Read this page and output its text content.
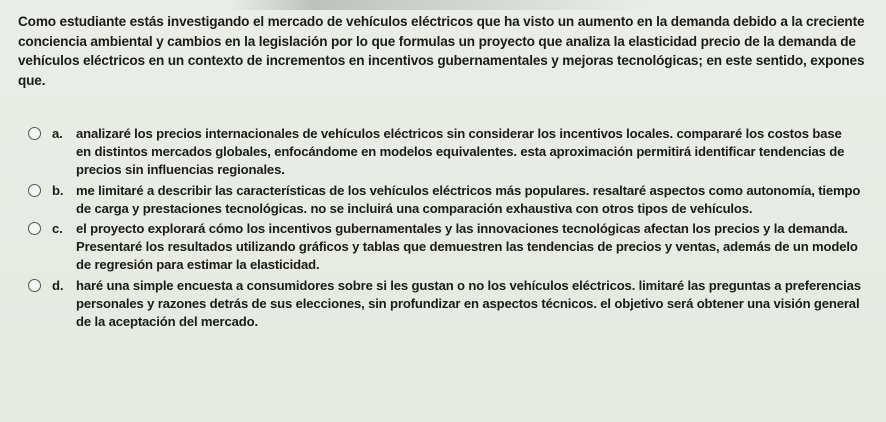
Como estudiante estás investigando el mercado de vehículos eléctricos que ha visto un aumento en la demanda debido a la creciente conciencia ambiental y cambios en la legislación por lo que formulas un proyecto que analiza la elasticidad precio de la demanda de vehículos eléctricos en un contexto de incrementos en incentivos gubernamentales y mejoras tecnológicas; en este sentido, expones que.
a. analizaré los precios internacionales de vehículos eléctricos sin considerar los incentivos locales. compararé los costos base en distintos mercados globales, enfocándome en modelos equivalentes. esta aproximación permitirá identificar tendencias de precios sin influencias regionales.
b. me limitaré a describir las características de los vehículos eléctricos más populares. resaltaré aspectos como autonomía, tiempo de carga y prestaciones tecnológicas. no se incluirá una comparación exhaustiva con otros tipos de vehículos.
c. el proyecto explorará cómo los incentivos gubernamentales y las innovaciones tecnológicas afectan los precios y la demanda. Presentaré los resultados utilizando gráficos y tablas que demuestren las tendencias de precios y ventas, además de un modelo de regresión para estimar la elasticidad.
d. haré una simple encuesta a consumidores sobre si les gustan o no los vehículos eléctricos. limitaré las preguntas a preferencias personales y razones detrás de sus elecciones, sin profundizar en aspectos técnicos. el objetivo será obtener una visión general de la aceptación del mercado.
